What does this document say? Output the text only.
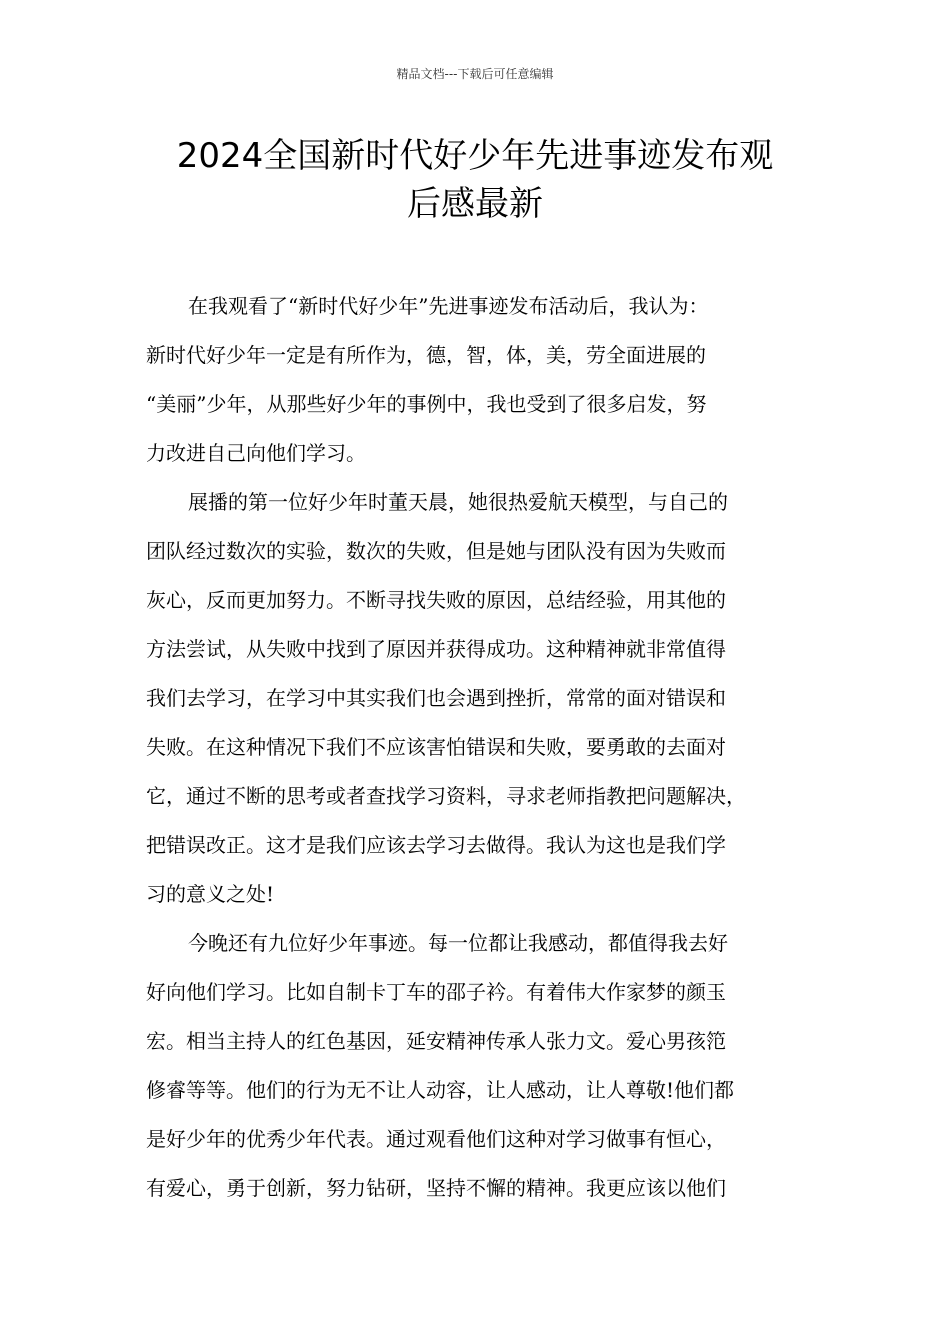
精品文档---下载后可任意编辑
2024全国新时代好少年先进事迹发布观
后感最新

在我观看了“新时代好少年”先进事迹发布活动后，我认为：
新时代好少年一定是有所作为，德，智，体，美，劳全面进展的
“美丽”少年，从那些好少年的事例中，我也受到了很多启发，努
力改进自己向他们学习。

展播的第一位好少年时董天晨，她很热爱航天模型，与自己的
团队经过数次的实验，数次的失败，但是她与团队没有因为失败而
灰心，反而更加努力。不断寻找失败的原因，总结经验，用其他的
方法尝试，从失败中找到了原因并获得成功。这种精神就非常值得
我们去学习，在学习中其实我们也会遇到挫折，常常的面对错误和
失败。在这种情况下我们不应该害怕错误和失败，要勇敢的去面对
它，通过不断的思考或者查找学习资料，寻求老师指教把问题解决，
把错误改正。这才是我们应该去学习去做得。我认为这也是我们学
习的意义之处!

今晚还有九位好少年事迹。每一位都让我感动，都值得我去好
好向他们学习。比如自制卡丁车的邵子衿。有着伟大作家梦的颜玉
宏。相当主持人的红色基因，延安精神传承人张力文。爱心男孩笵
修睿等等。他们的行为无不让人动容，让人感动，让人尊敬!他们都
是好少年的优秀少年代表。通过观看他们这种对学习做事有恒心，
有爱心，勇于创新，努力钻研，坚持不懈的精神。我更应该以他们
